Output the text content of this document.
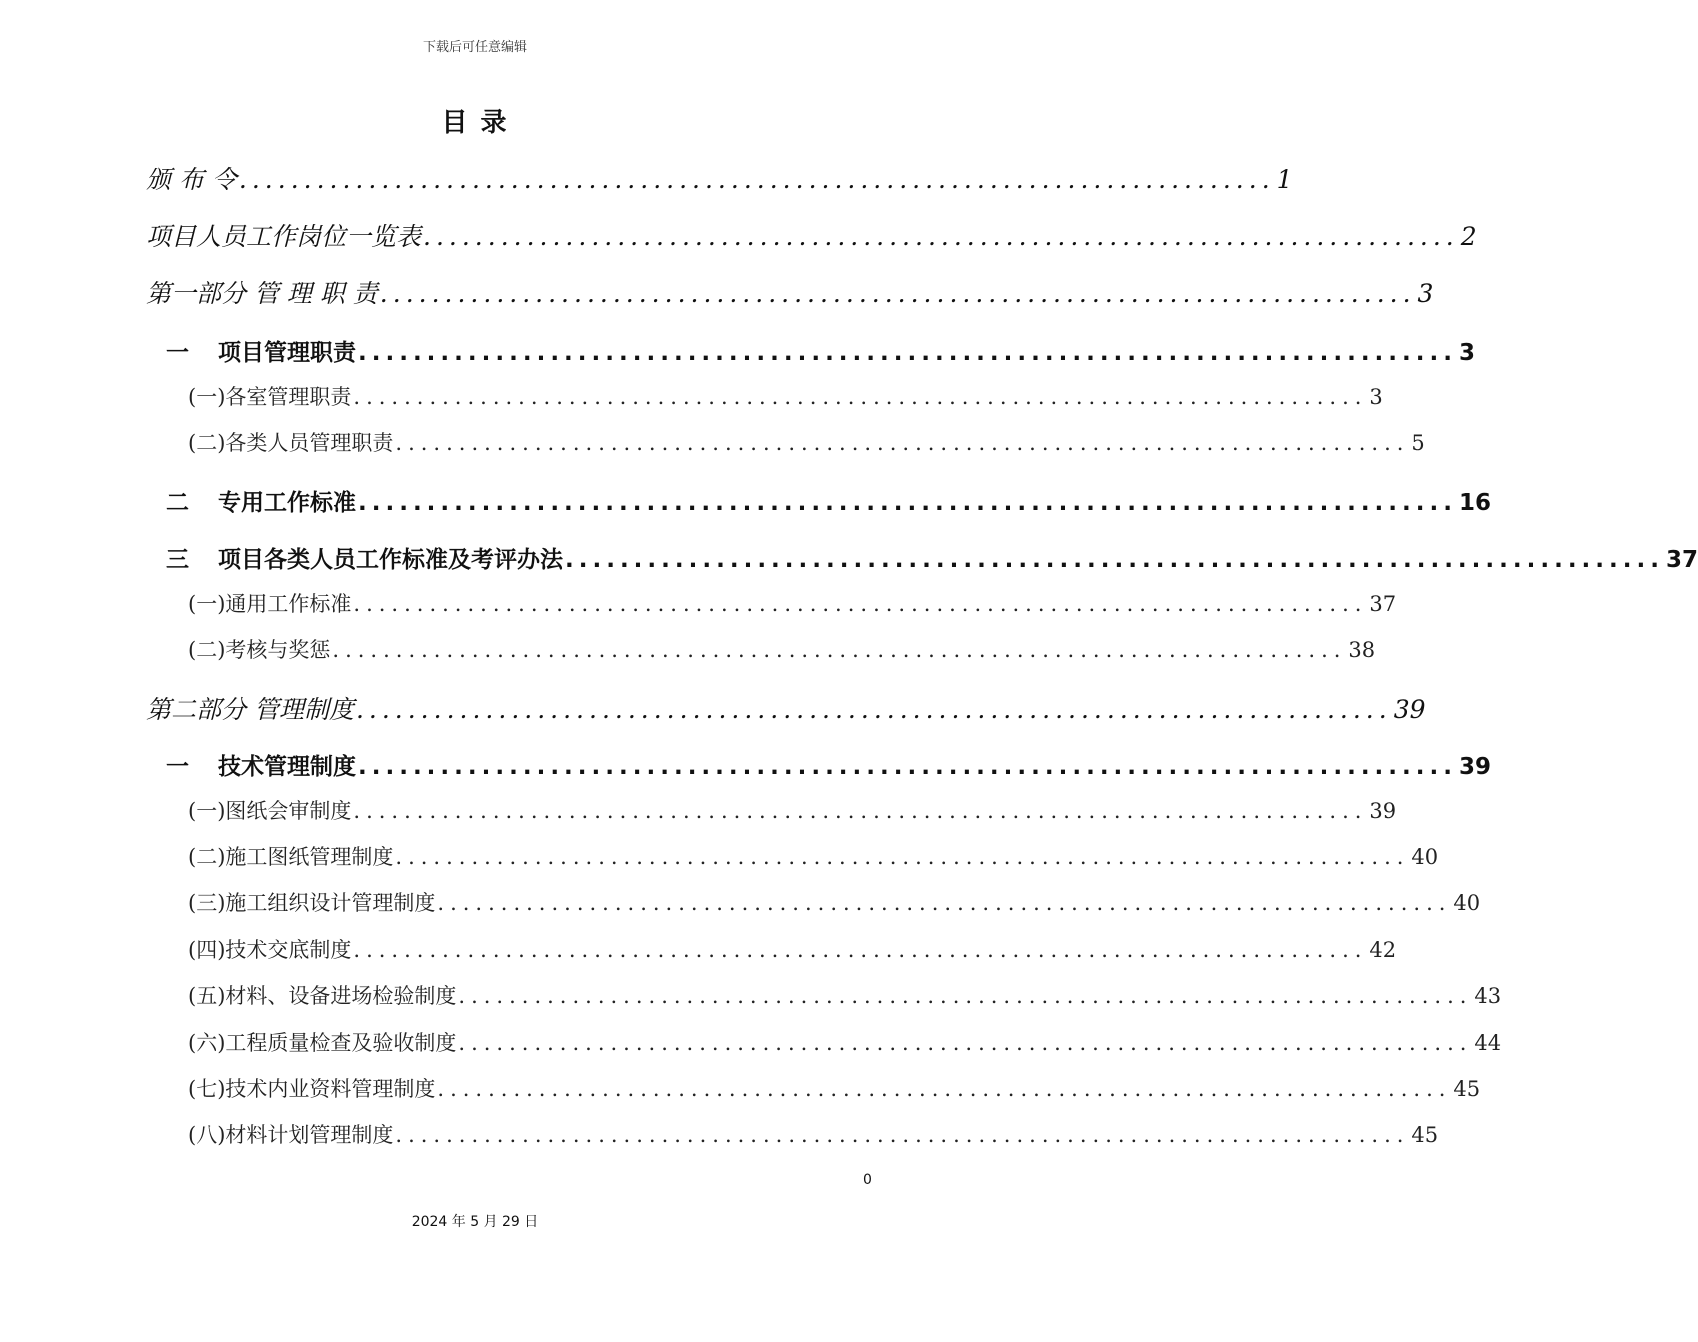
下载后可任意编辑
目 录
颁 布 令 ................................................................................ 1
项目人员工作岗位一览表 ................................................................................ 2
第一部分 管 理 职 责 ................................................................................ 3
一 项目管理职责 ................................................................................ 3
(一)各室管理职责 ................................................................................ 3
(二)各类人员管理职责 ................................................................................ 5
二 专用工作标准 ................................................................................ 16
三 项目各类人员工作标准及考评办法 ................................................................................ 37
(一)通用工作标准 ................................................................................ 37
(二)考核与奖惩 ................................................................................ 38
第二部分 管理制度 ................................................................................ 39
一 技术管理制度 ................................................................................ 39
(一)图纸会审制度 ................................................................................ 39
(二)施工图纸管理制度 ................................................................................ 40
(三)施工组织设计管理制度 ................................................................................ 40
(四)技术交底制度 ................................................................................ 42
(五)材料、设备进场检验制度 ................................................................................ 43
(六)工程质量检查及验收制度 ................................................................................ 44
(七)技术内业资料管理制度 ................................................................................ 45
(八)材料计划管理制度 ................................................................................ 45
0
2024 年 5 月 29 日
